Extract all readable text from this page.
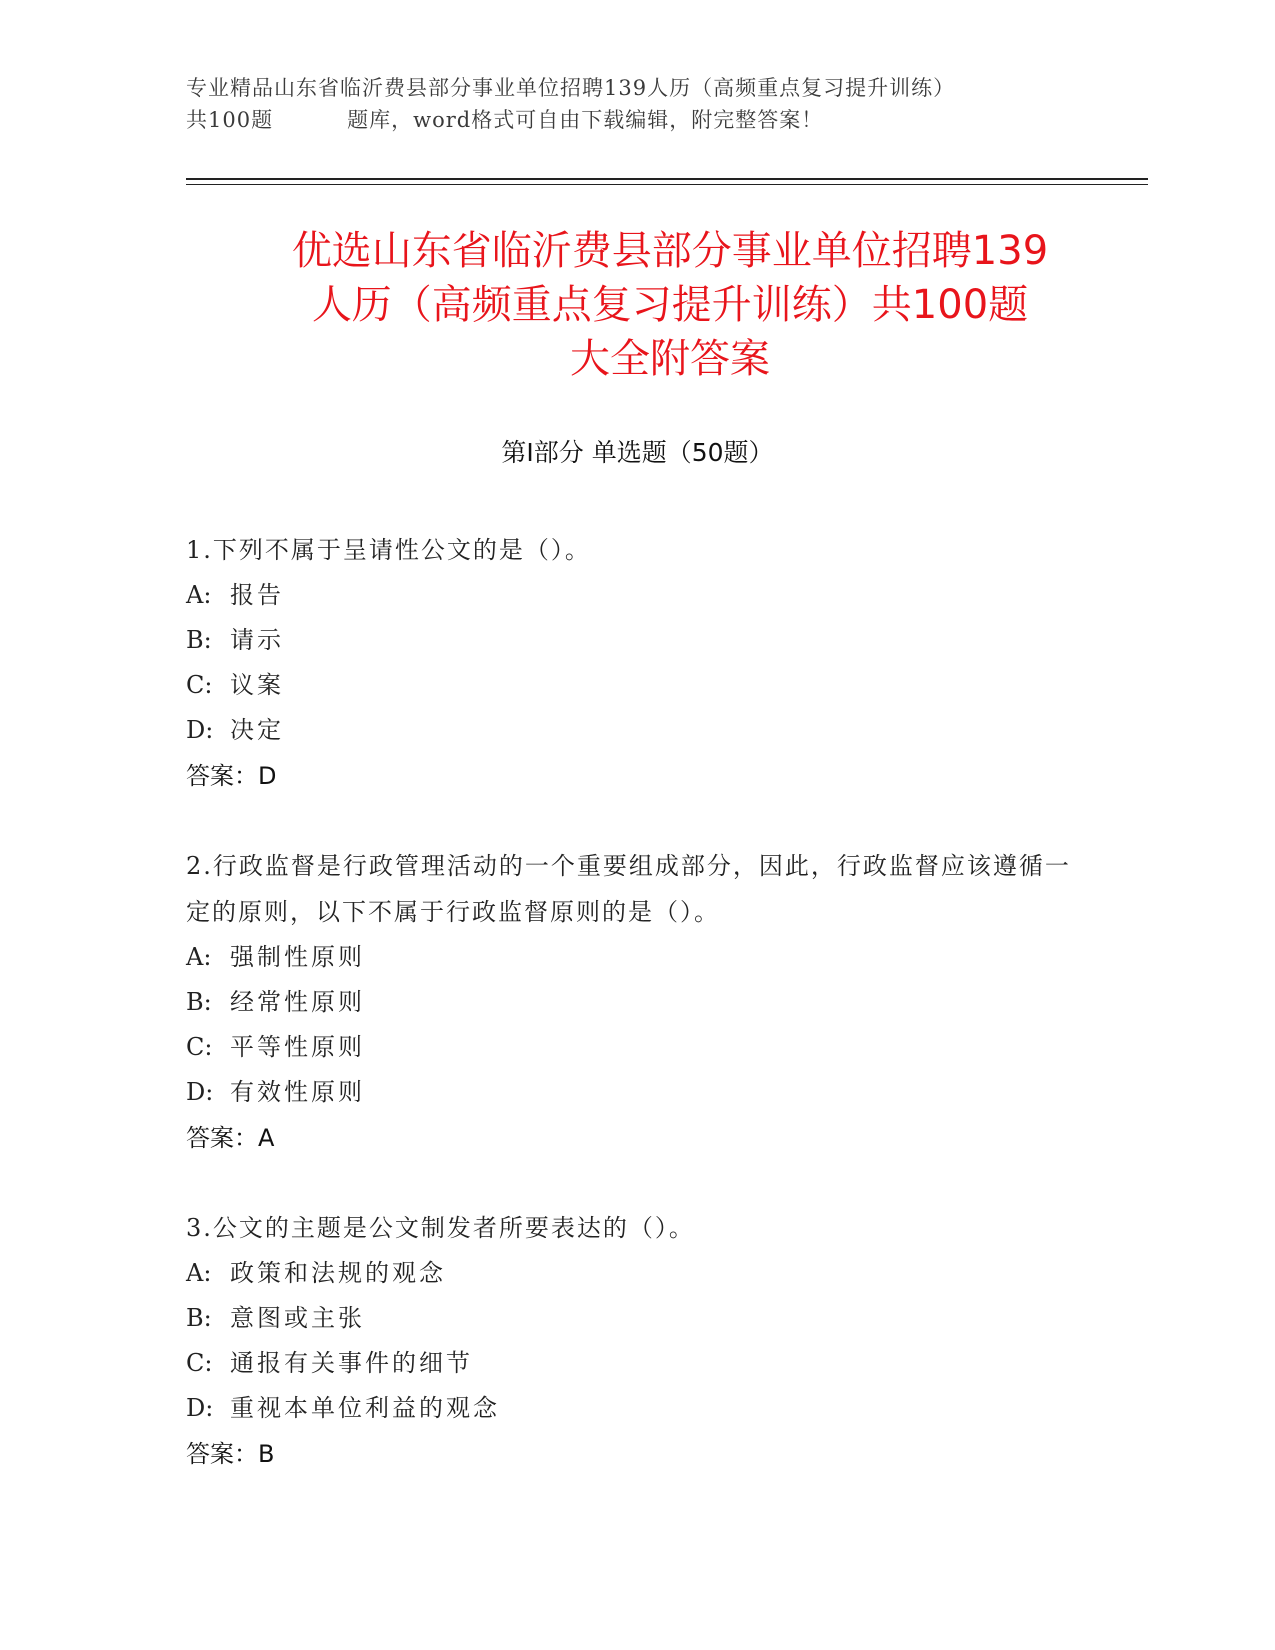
专业精品山东省临沂费县部分事业单位招聘139人历（高频重点复习提升训练）
共100题	题库，word格式可自由下载编辑，附完整答案！
优选山东省临沂费县部分事业单位招聘139
人历（高频重点复习提升训练）共100题
大全附答案
第Ⅰ部分 单选题（50题）
1.下列不属于呈请性公文的是（）。
A: 报告
B: 请示
C: 议案
D: 决定
答案：D
2.行政监督是行政管理活动的一个重要组成部分，因此，行政监督应该遵循一定的原则，以下不属于行政监督原则的是（）。
A: 强制性原则
B: 经常性原则
C: 平等性原则
D: 有效性原则
答案：A
3.公文的主题是公文制发者所要表达的（）。
A: 政策和法规的观念
B: 意图或主张
C: 通报有关事件的细节
D: 重视本单位利益的观念
答案：B
